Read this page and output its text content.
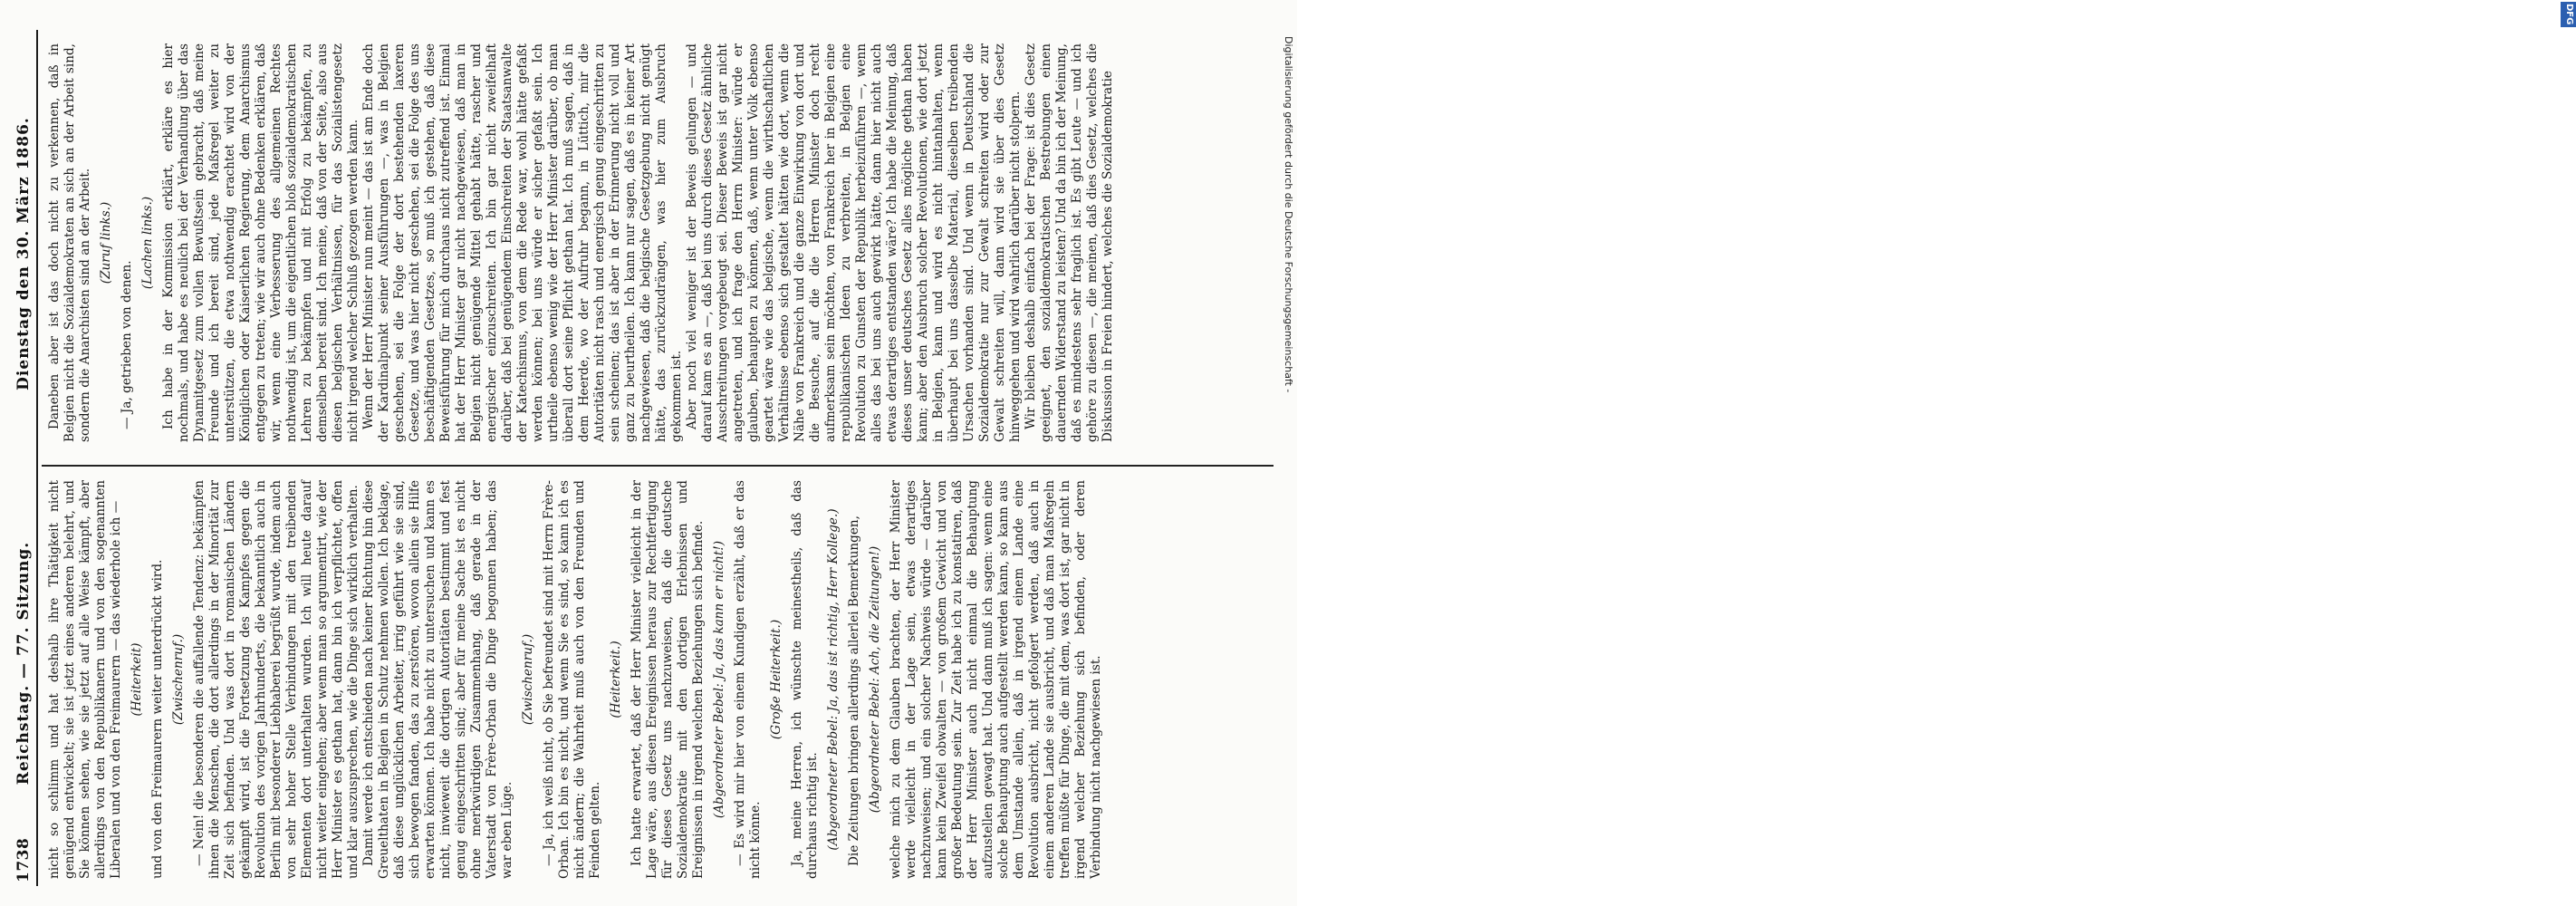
1738
Reichstag. — 77. Sitzung.
Dienstag den 30. März 1886.

nicht so schlimm und hat deshalb ihre Thätigkeit nicht genügend entwickelt; sie ist jetzt eines anderen belehrt, und Sie können sehen, wie sie jetzt auf alle Weise kämpft, aber allerdings von den Republikanern und von den sogenannten Liberalen und von den Freimaurern — das wiederhole ich — (Heiterkeit) und von den Freimaurern weiter unterdrückt wird. (Zwischenruf.) — Nein! die besonderen die auffallende Tendenz: bekämpfen ihnen die Menschen, die dort allerdings in der Minorität zur Zeit sich befinden. Und was dort in romanischen Ländern gekämpft wird, ist die Fortsetzung des Kampfes gegen die Revolution des vorigen Jahrhunderts, die bekanntlich auch in Berlin mit besonderer Liebhaberei begrüßt wurde, indem auch von sehr hoher Stelle Verbindungen mit den treibenden Elementen dort unterhalten wurden. Ich will heute darauf nicht weiter eingehen; aber wenn man so argumentirt, wie der Herr Minister es gethan hat, dann bin ich verpflichtet, offen und klar auszusprechen, wie die Dinge sich wirklich verhalten. Damit werde ich entschieden nach keiner Richtung hin diese Greuelthaten in Belgien in Schutz nehmen wollen. Ich beklage, daß diese unglücklichen Arbeiter, irrig geführt wie sie sind, sich bewogen fanden, das zu zerstören, wovon allein sie Hilfe erwarten können. Ich habe nicht zu untersuchen und kann es nicht, inwieweit die dortigen Autoritäten bestimmt und fest genug eingeschritten sind; aber für meine Sache ist es nicht ohne merkwürdigen Zusammenhang, daß gerade in der Vaterstadt von Frère-Orban die Dinge begonnen haben; das war eben Lüge.

(Zwischenruf.) — Ja, ich weiß nicht, ob Sie befreundet sind mit Herrn Frère-Orban. Ich bin es nicht, und wenn Sie es sind, so kann ich es nicht ändern; die Wahrheit muß auch von den Freunden und Feinden gelten.

(Heiterkeit.) Ich hatte erwartet, daß der Herr Minister vielleicht in der Lage wäre, aus diesen Ereignissen heraus zur Rechtfertigung für dieses Gesetz uns nachzuweisen, daß die deutsche Sozialdemokratie mit den dortigen Erlebnissen und Ereignissen in irgend welchen Beziehungen sich befinde. (Abgeordneter Bebel: Ja, das kann er nicht!) — Es wird mir hier von einem Kundigen erzählt, daß er das nicht könne.

(Große Heiterkeit.) Ja, meine Herren, ich wünschte meinestheils, daß das durchaus richtig ist. (Abgeordneter Bebel: Ja, das ist richtig, Herr Kollege.) Die Zeitungen bringen allerdings allerlei Bemerkungen, (Abgeordneter Bebel: Ach, die Zeitungen!) welche mich zu dem Glauben brachten, der Herr Minister werde vielleicht in der Lage sein, etwas derartiges nachzuweisen; und ein solcher Nachweis würde — darüber kann kein Zweifel obwalten — von großem Gewicht und von großer Bedeutung sein. Zur Zeit habe ich zu konstatiren, daß der Herr Minister auch nicht einmal die Behauptung aufzustellen gewagt hat. Und dann muß ich sagen: wenn eine solche Behauptung auch aufgestellt werden kann, so kann aus dem Umstande allein, daß in irgend einem Lande eine Revolution ausbricht, nicht gefolgert werden, daß auch in einem anderen Lande sie ausbricht, und daß man Maßregeln treffen müßte für Dinge, die mit dem, was dort ist, gar nicht in irgend welcher Beziehung sich befinden, oder deren Verbindung nicht nachgewiesen ist.

Daneben aber ist das doch nicht zu verkennen, daß in Belgien nicht die Sozialdemokraten an sich an der Arbeit sind, sondern die Anarchisten sind an der Arbeit. (Zuruf links.)

— Ja, getrieben von denen.

(Lachen links.) Ich habe in der Kommission erklärt, erkläre es hier nochmals, und habe es neulich bei der Verhandlung über das Dynamitgesetz zum vollen Bewußtsein gebracht, daß meine Freunde und ich bereit sind, jede Maßregel weiter zu unterstützen, die etwa nothwendig erachtet wird von der Königlichen oder Kaiserlichen Regierung, dem Anarchismus entgegen zu treten; wie wir auch ohne Bedenken erklären, daß wir, wenn eine Verbesserung des allgemeinen Rechtes nothwendig ist, um die eigentlichen bloß sozialdemokratischen Lehren zu bekämpfen und mit Erfolg zu bekämpfen, zu demselben bereit sind. Ich meine, daß von der Seite, also aus diesen belgischen Verhältnissen, für das Sozialistengesetz nicht irgend welcher Schluß gezogen werden kann. Wenn der Herr Minister nun meint — das ist am Ende doch der Kardinalpunkt seiner Ausführungen —, was in Belgien geschehen, sei die Folge der dort bestehenden laxeren Gesetze, und was hier nicht geschehen, sei die Folge des uns beschäftigenden Gesetzes, so muß ich gestehen, daß diese Beweisführung für mich durchaus nicht zutreffend ist. Einmal hat der Herr Minister gar nicht nachgewiesen, daß man in Belgien nicht genügende Mittel gehabt hätte, rascher und energischer einzuschreiten. Ich bin gar nicht zweifelhaft darüber, daß bei genügendem Einschreiten der Staatsanwalte der Katechismus, von dem die Rede war, wohl hätte gefaßt werden können; bei uns würde er sicher gefaßt sein. Ich urtheile ebenso wenig wie der Herr Minister darüber, ob man überall dort seine Pflicht gethan hat. Ich muß sagen, daß in dem Heerde, wo der Aufruhr begann, in Lüttich, mir die Autoritäten nicht rasch und energisch genug eingeschritten zu sein scheinen; das ist aber in der Erinnerung nicht voll und ganz zu beurtheilen. Ich kann nur sagen, daß es in keiner Art nachgewiesen, daß die belgische Gesetzgebung nicht genügt hätte, das zurückzudrängen, was hier zum Ausbruch gekommen ist. Aber noch viel weniger ist der Beweis gelungen — und darauf kam es an —, daß bei uns durch dieses Gesetz ähnliche Ausschreitungen vorgebeugt sei. Dieser Beweis ist gar nicht angetreten, und ich frage den Herrn Minister: würde er glauben, behaupten zu können, daß, wenn unter Volk ebenso geartet wäre wie das belgische, wenn die wirthschaftlichen Verhältnisse ebenso sich gestaltet hätten wie dort, wenn die Nähe von Frankreich und die ganze Einwirkung von dort und die Besuche, auf die die Herren Minister doch recht aufmerksam sein möchten, von Frankreich her in Belgien eine republikanischen Ideen zu verbreiten, in Belgien eine Revolution zu Gunsten der Republik herbeizuführen —, wenn alles das bei uns auch gewirkt hätte, dann hier nicht auch etwas derartiges entstanden wäre? Ich habe die Meinung, daß dieses unser deutsches Gesetz alles mögliche gethan haben kann; aber den Ausbruch solcher Revolutionen, wie dort jetzt in Belgien, kann und wird es nicht hintanhalten, wenn überhaupt bei uns dasselbe Material, dieselben treibenden Ursachen vorhanden sind. Und wenn in Deutschland die Sozialdemokratie nur zur Gewalt schreiten wird oder zur Gewalt schreiten will, dann wird sie über dies Gesetz hinweggehen und wird wahrlich darüber nicht stolpern. Wir bleiben deshalb einfach bei der Frage: ist dies Gesetz geeignet, den sozialdemokratischen Bestrebungen einen dauernden Widerstand zu leisten? Und da bin ich der Meinung, daß es mindestens sehr fraglich ist. Es gibt Leute — und ich gehöre zu diesen —, die meinen, daß dies Gesetz, welches die Diskussion in Freien hindert, welches die Sozialdemokratie

DFG
Digitalisierung gefördert durch die Deutsche Forschungsgemeinschaft -
